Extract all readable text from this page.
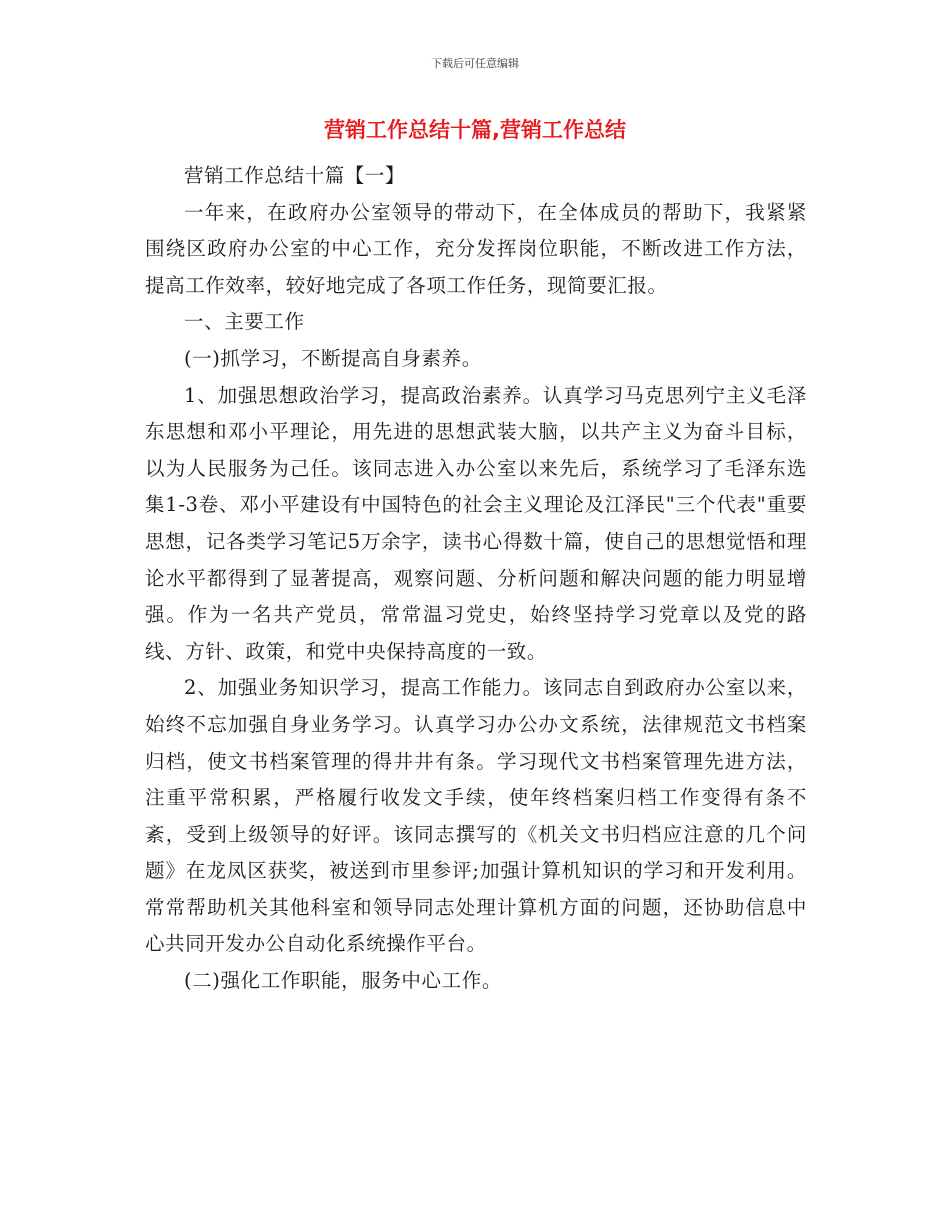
下载后可任意编辑
营销工作总结十篇,营销工作总结

营销工作总结十篇【一】

一年来，在政府办公室领导的带动下，在全体成员的帮助下，我紧紧围绕区政府办公室的中心工作，充分发挥岗位职能，不断改进工作方法，提高工作效率，较好地完成了各项工作任务，现简要汇报。

一、主要工作

(一)抓学习，不断提高自身素养。

1、加强思想政治学习，提高政治素养。认真学习马克思列宁主义毛泽东思想和邓小平理论，用先进的思想武装大脑，以共产主义为奋斗目标，以为人民服务为己任。该同志进入办公室以来先后，系统学习了毛泽东选集1-3卷、邓小平建设有中国特色的社会主义理论及江泽民"三个代表"重要思想，记各类学习笔记5万余字，读书心得数十篇，使自己的思想觉悟和理论水平都得到了显著提高，观察问题、分析问题和解决问题的能力明显增强。作为一名共产党员，常常温习党史，始终坚持学习党章以及党的路线、方针、政策，和党中央保持高度的一致。

2、加强业务知识学习，提高工作能力。该同志自到政府办公室以来，始终不忘加强自身业务学习。认真学习办公办文系统，法律规范文书档案归档，使文书档案管理的得井井有条。学习现代文书档案管理先进方法，注重平常积累，严格履行收发文手续，使年终档案归档工作变得有条不紊，受到上级领导的好评。该同志撰写的《机关文书归档应注意的几个问题》在龙凤区获奖，被送到市里参评;加强计算机知识的学习和开发利用。常常帮助机关其他科室和领导同志处理计算机方面的问题，还协助信息中心共同开发办公自动化系统操作平台。

(二)强化工作职能，服务中心工作。
